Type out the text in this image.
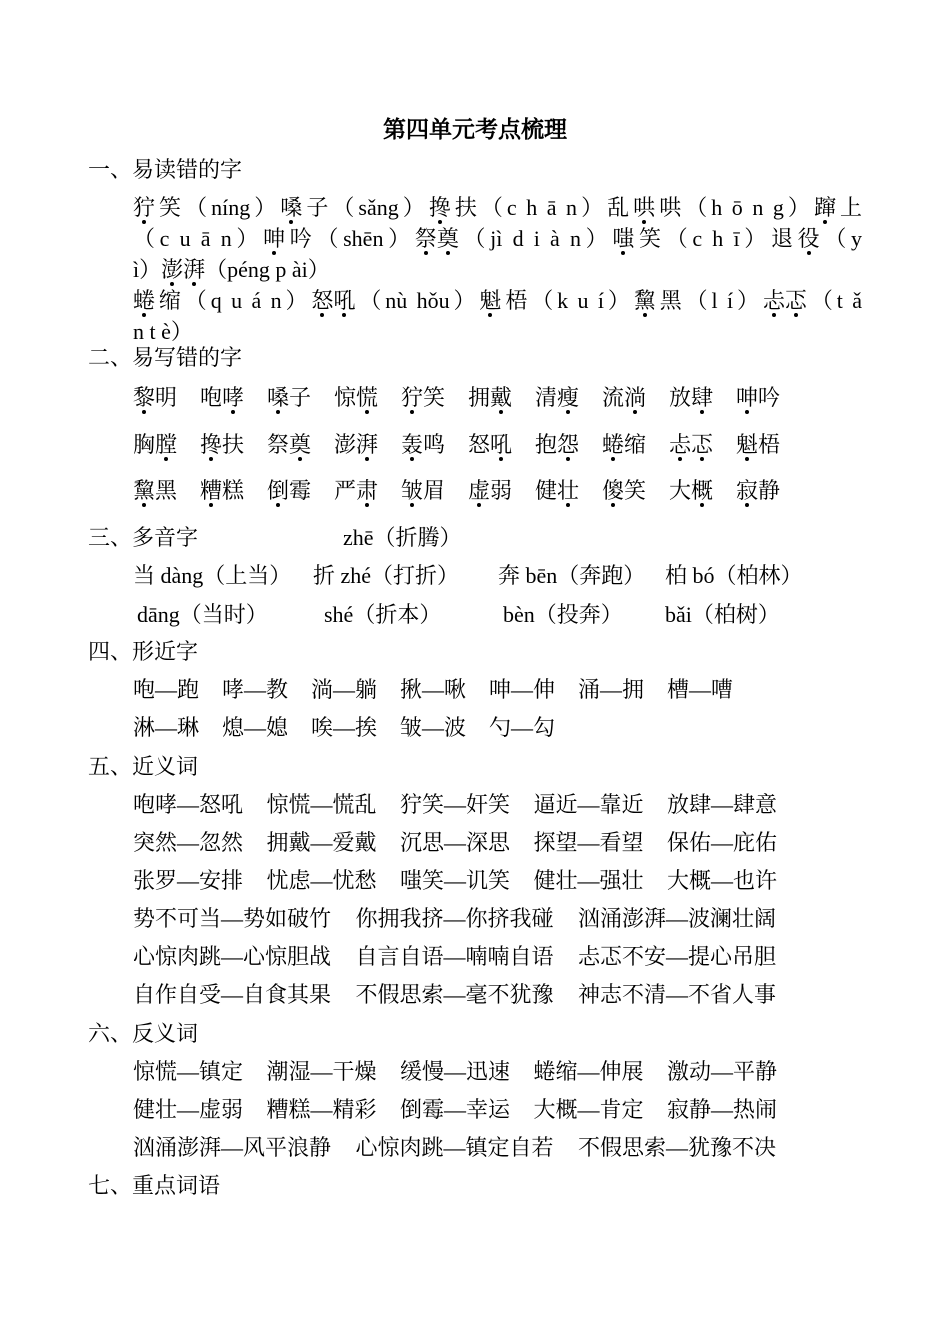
第四单元考点梳理
一、易读错的字
狞笑（níng）嗓子（sǎng）搀扶（c h ā n）乱哄哄（h ō n g）蹿上
（c u ā n）呻吟（shēn）祭奠（jì d i à n）嗤笑（c h ī）退役（y
ì）澎湃（péng p ài）
蜷缩（q u á n）怒吼（nù hǒu）魁梧（k u í）黧黑（l í）忐忑（t ǎ
n t è）
二、易写错的字
黎明 咆哮 嗓子 惊慌 狞笑 拥戴 清瘦 流淌 放肆 呻吟
胸膛 搀扶 祭奠 澎湃 轰鸣 怒吼 抱怨 蜷缩 忐忑 魁梧
黧黑 糟糕 倒霉 严肃 皱眉 虚弱 健壮 傻笑 大概 寂静
三、多音字	zhē（折腾）
当 dàng（上当） 折 zhé（打折） 奔 bēn（奔跑） 柏 bó（柏林）
dāng（当时）	shé（折本）	bèn（投奔） bǎi（柏树）
四、形近字
咆—跑 哮—教 淌—躺 揪—啾 呻—伸 涌—拥 槽—嘈
淋—琳 熄—媳 唉—挨 皱—波 勺—勾
五、近义词
咆哮—怒吼 惊慌—慌乱 狞笑—奸笑 逼近—靠近 放肆—肆意
突然—忽然 拥戴—爱戴 沉思—深思 探望—看望 保佑—庇佑
张罗—安排 忧虑—忧愁 嗤笑—讥笑 健壮—强壮 大概—也许
势不可当—势如破竹 你拥我挤—你挤我碰 汹涌澎湃—波澜壮阔
心惊肉跳—心惊胆战 自言自语—喃喃自语 忐忑不安—提心吊胆
自作自受—自食其果 不假思索—毫不犹豫 神志不清—不省人事
六、反义词
惊慌—镇定 潮湿—干燥 缓慢—迅速 蜷缩—伸展 激动—平静
健壮—虚弱 糟糕—精彩 倒霉—幸运 大概—肯定 寂静—热闹
汹涌澎湃—风平浪静 心惊肉跳—镇定自若 不假思索—犹豫不决
七、重点词语
